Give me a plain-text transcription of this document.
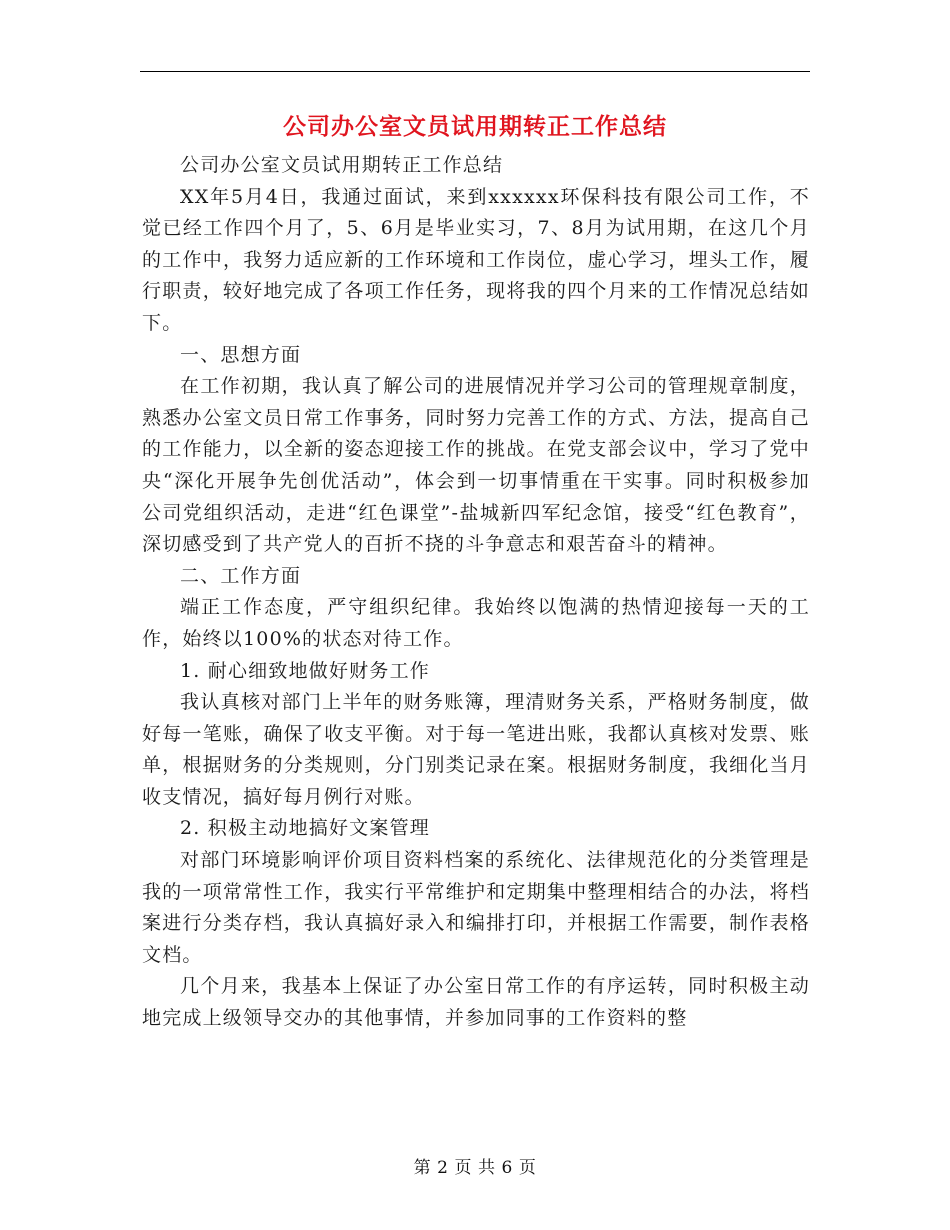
公司办公室文员试用期转正工作总结

公司办公室文员试用期转正工作总结

XX年5月4日，我通过面试，来到xxxxxx环保科技有限公司工作，不觉已经工作四个月了，5、6月是毕业实习，7、8月为试用期，在这几个月的工作中，我努力适应新的工作环境和工作岗位，虚心学习，埋头工作，履行职责，较好地完成了各项工作任务，现将我的四个月来的工作情况总结如下。

一、思想方面

在工作初期，我认真了解公司的进展情况并学习公司的管理规章制度，熟悉办公室文员日常工作事务，同时努力完善工作的方式、方法，提高自己的工作能力，以全新的姿态迎接工作的挑战。在党支部会议中，学习了党中央“深化开展争先创优活动”，体会到一切事情重在干实事。同时积极参加公司党组织活动，走进“红色课堂”-盐城新四军纪念馆，接受“红色教育”，深切感受到了共产党人的百折不挠的斗争意志和艰苦奋斗的精神。

二、工作方面

端正工作态度，严守组织纪律。我始终以饱满的热情迎接每一天的工作，始终以100%的状态对待工作。

1. 耐心细致地做好财务工作

我认真核对部门上半年的财务账簿，理清财务关系，严格财务制度，做好每一笔账，确保了收支平衡。对于每一笔进出账，我都认真核对发票、账单，根据财务的分类规则，分门别类记录在案。根据财务制度，我细化当月收支情况，搞好每月例行对账。

2. 积极主动地搞好文案管理

对部门环境影响评价项目资料档案的系统化、法律规范化的分类管理是我的一项常常性工作，我实行平常维护和定期集中整理相结合的办法，将档案进行分类存档，我认真搞好录入和编排打印，并根据工作需要，制作表格文档。

几个月来，我基本上保证了办公室日常工作的有序运转，同时积极主动地完成上级领导交办的其他事情，并参加同事的工作资料的整

第 2 页 共 6 页
